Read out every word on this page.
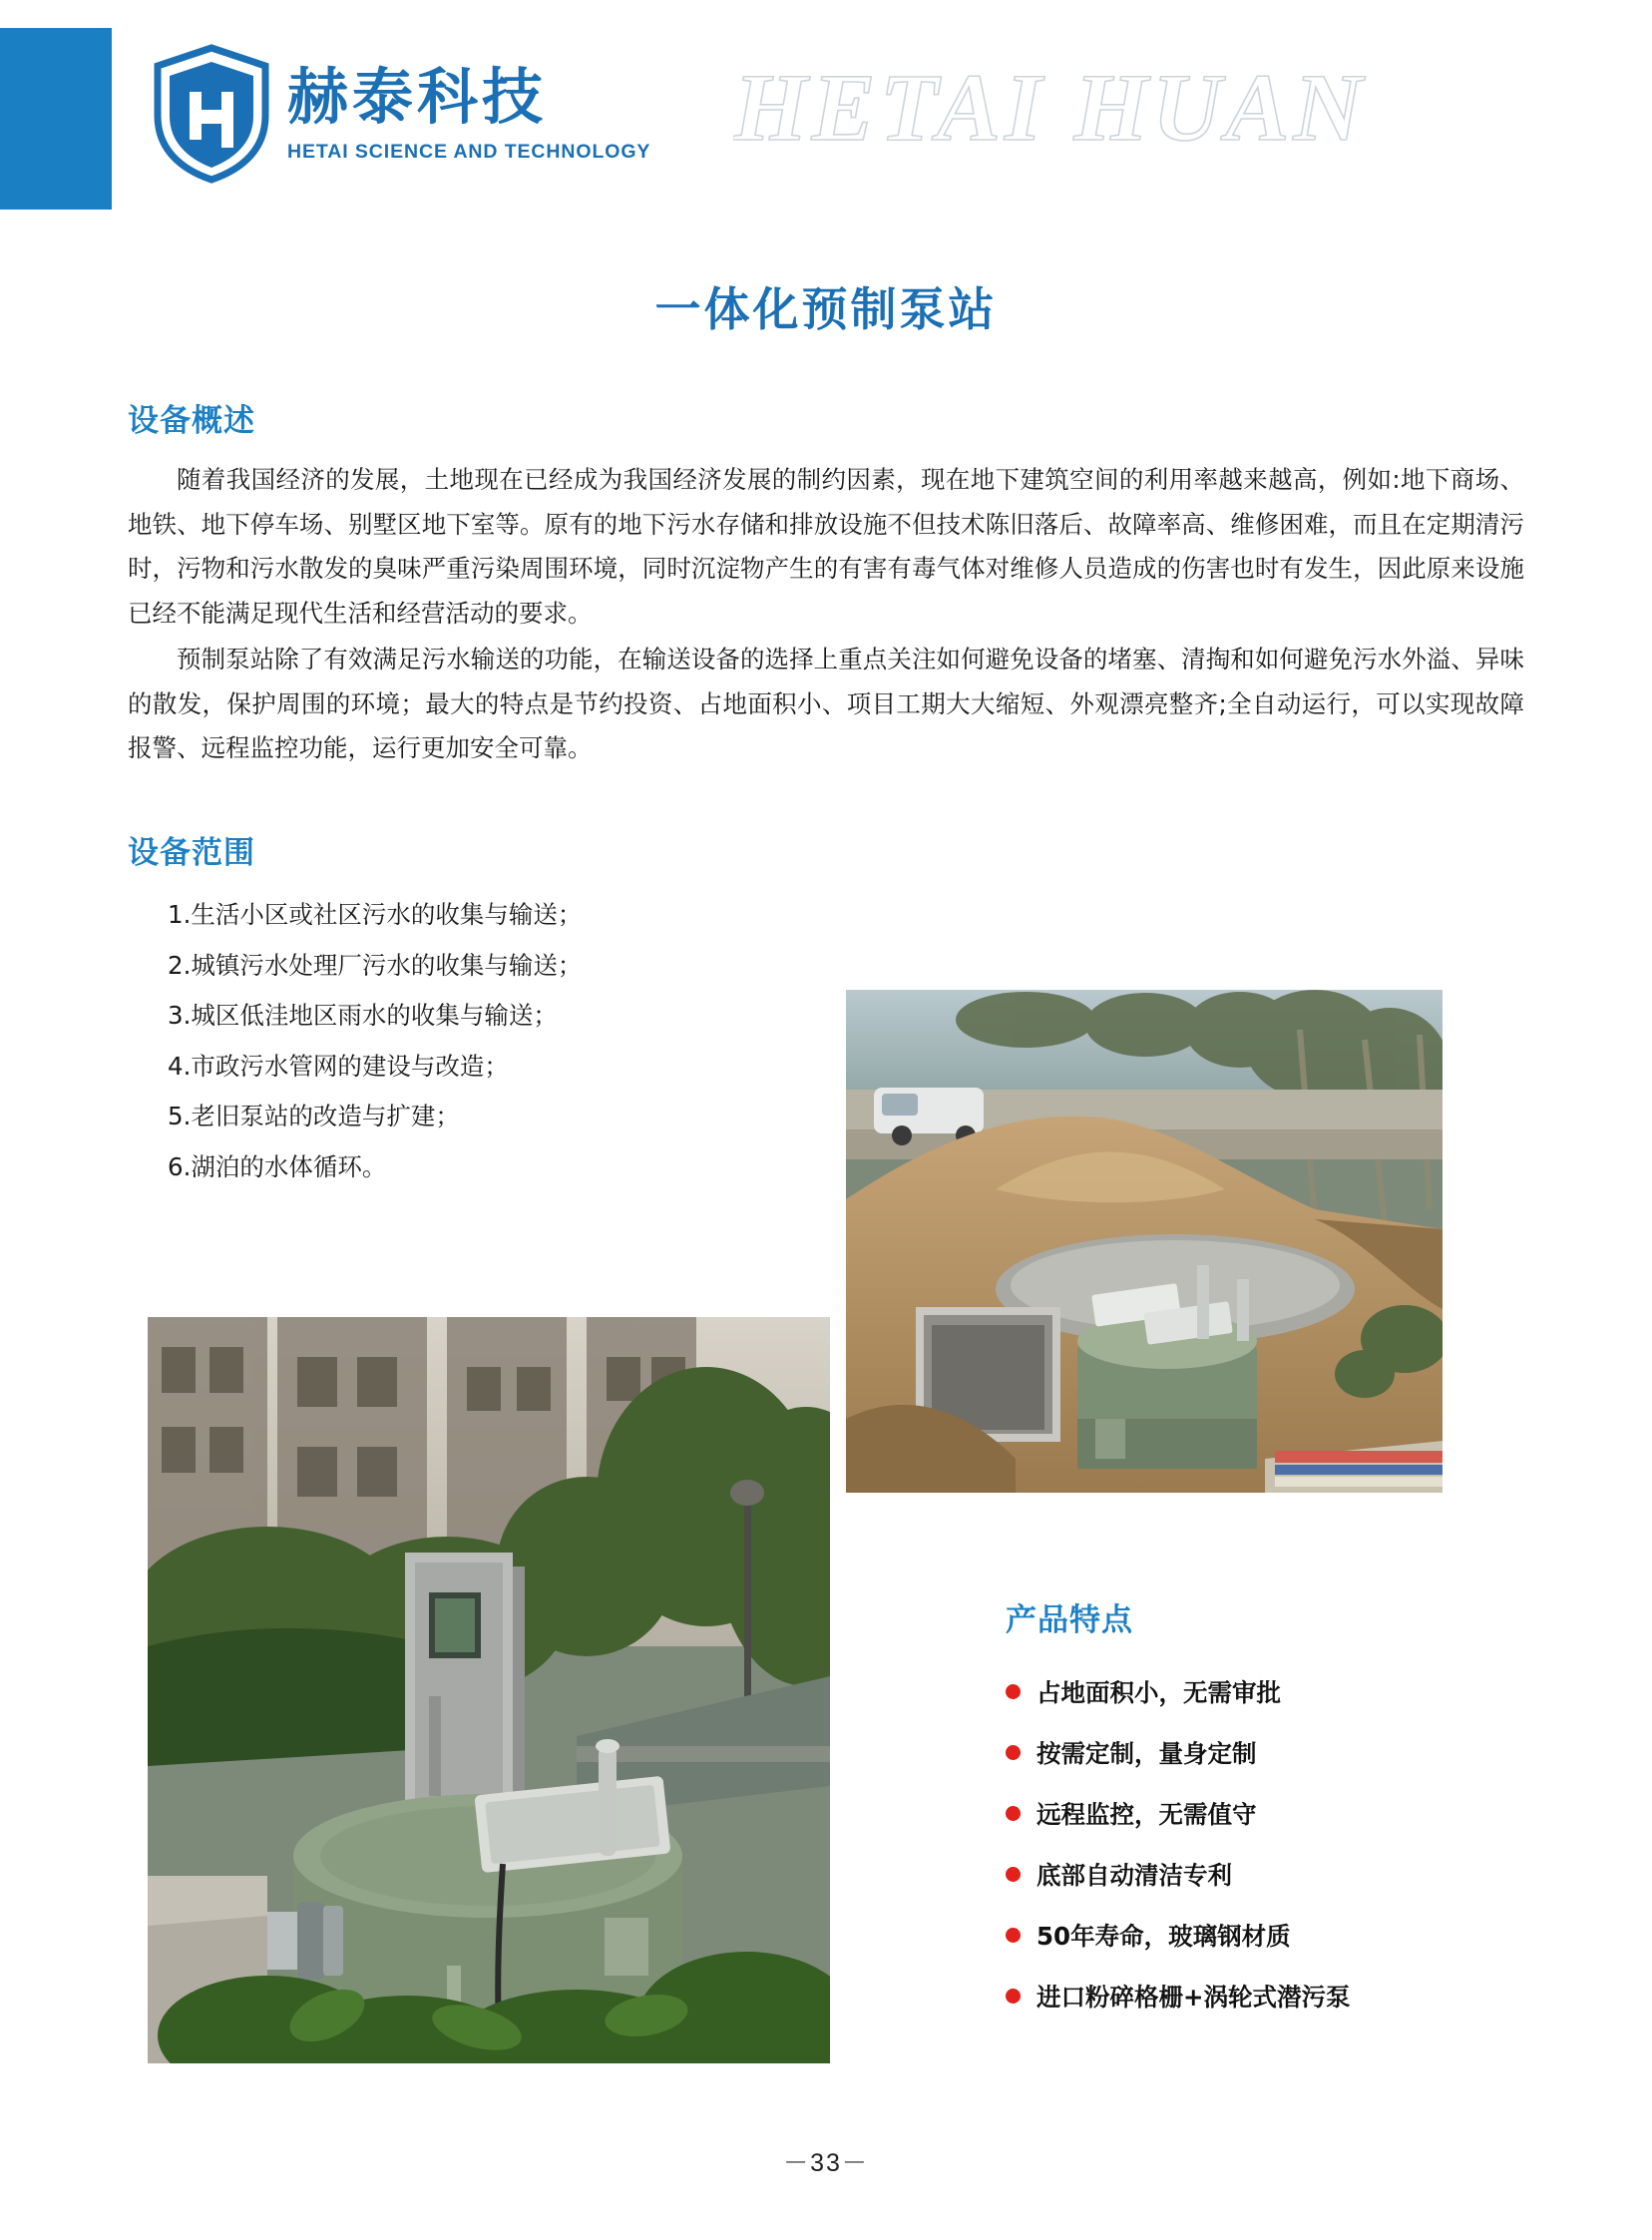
赫泰科技
HETAI SCIENCE AND TECHNOLOGY HETAI HUAN
一体化预制泵站
设备概述

随着我国经济的发展，土地现在已经成为我国经济发展的制约因素，现在地下建筑空间的利用率越来越高，例如:地下商场、地铁、地下停车场、别墅区地下室等。原有的地下污水存储和排放设施不但技术陈旧落后、故障率高、维修困难，而且在定期清污时，污物和污水散发的臭味严重污染周围环境，同时沉淀物产生的有害有毒气体对维修人员造成的伤害也时有发生，因此原来设施已经不能满足现代生活和经营活动的要求。

预制泵站除了有效满足污水输送的功能，在输送设备的选择上重点关注如何避免设备的堵塞、清掏和如何避免污水外溢、异味的散发，保护周围的环境；最大的特点是节约投资、占地面积小、项目工期大大缩短、外观漂亮整齐;全自动运行，可以实现故障报警、远程监控功能，运行更加安全可靠。

设备范围
1.生活小区或社区污水的收集与输送；
2.城镇污水处理厂污水的收集与输送；
3.城区低洼地区雨水的收集与输送；
4.市政污水管网的建设与改造；
5.老旧泵站的改造与扩建；
6.湖泊的水体循环。
产品特点
占地面积小，无需审批
按需定制，量身定制
远程监控，无需值守
底部自动清洁专利
50年寿命，玻璃钢材质
进口粉碎格栅+涡轮式潜污泵
－33－
